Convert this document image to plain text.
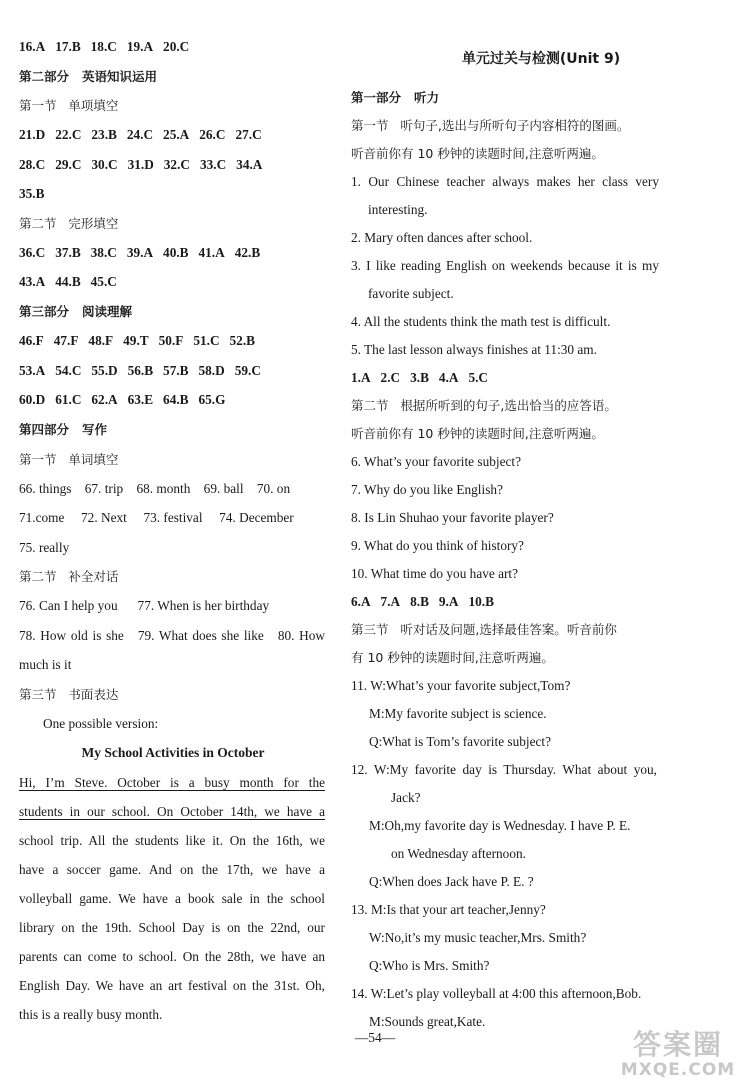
16.A   17.B   18.C   19.A   20.C
第二部分   英语知识运用
第一节   单项填空
21.D   22.C   23.B   24.C   25.A   26.C   27.C
28.C   29.C   30.C   31.D   32.C   33.C   34.A
35.B
第二节   完形填空
36.C   37.B   38.C   39.A   40.B   41.A   42.B
43.A   44.B   45.C
第三部分   阅读理解
46.F   47.F   48.F   49.T   50.F   51.C   52.B
53.A   54.C   55.D   56.B   57.B   58.D   59.C
60.D   61.C   62.A   63.E   64.B   65.G
第四部分   写作
第一节   单词填空
66. things    67. trip    68. month    69. ball    70. on
71.come     72. Next     73. festival     74. December
75. really
第二节   补全对话
76. Can I help you      77. When is her birthday
78. How old is she   79. What does she like   80. How
much is it
第三节   书面表达
One possible version:
My School Activities in October
Hi, I’m Steve. October is a busy month for the
students in our school. On October 14th, we have a
school trip. All the students like it. On the 16th, we
have a soccer game. And on the 17th, we have a
volleyball game. We have a book sale in the school
library on the 19th. School Day is on the 22nd, our
parents can come to school. On the 28th, we have an
English Day. We have an art festival on the 31st. Oh,
this is a really busy month.
单元过关与检测(Unit 9)
第一部分   听力
第一节   听句子,选出与所听句子内容相符的图画。
听音前你有 10 秒钟的读题时间,注意听两遍。
1. Our Chinese teacher always makes her class very
interesting.
2. Mary often dances after school.
3. I like reading English on weekends because it is my
favorite subject.
4. All the students think the math test is difficult.
5. The last lesson always finishes at 11:30 am.
1.A   2.C   3.B   4.A   5.C
第二节   根据所听到的句子,选出恰当的应答语。
听音前你有 10 秒钟的读题时间,注意听两遍。
6. What’s your favorite subject?
7. Why do you like English?
8. Is Lin Shuhao your favorite player?
9. What do you think of history?
10. What time do you have art?
6.A   7.A   8.B   9.A   10.B
第三节   听对话及问题,选择最佳答案。听音前你
有 10 秒钟的读题时间,注意听两遍。
11. W:What’s your favorite subject,Tom?
M:My favorite subject is science.
Q:What is Tom’s favorite subject?
12. W:My favorite day is Thursday. What about you,
Jack?
M:Oh,my favorite day is Wednesday. I have P. E.
on Wednesday afternoon.
Q:When does Jack have P. E. ?
13. M:Is that your art teacher,Jenny?
W:No,it’s my music teacher,Mrs. Smith?
Q:Who is Mrs. Smith?
14. W:Let’s play volleyball at 4:00 this afternoon,Bob.
M:Sounds great,Kate.
—54—	答案圈
MXQE.COM
